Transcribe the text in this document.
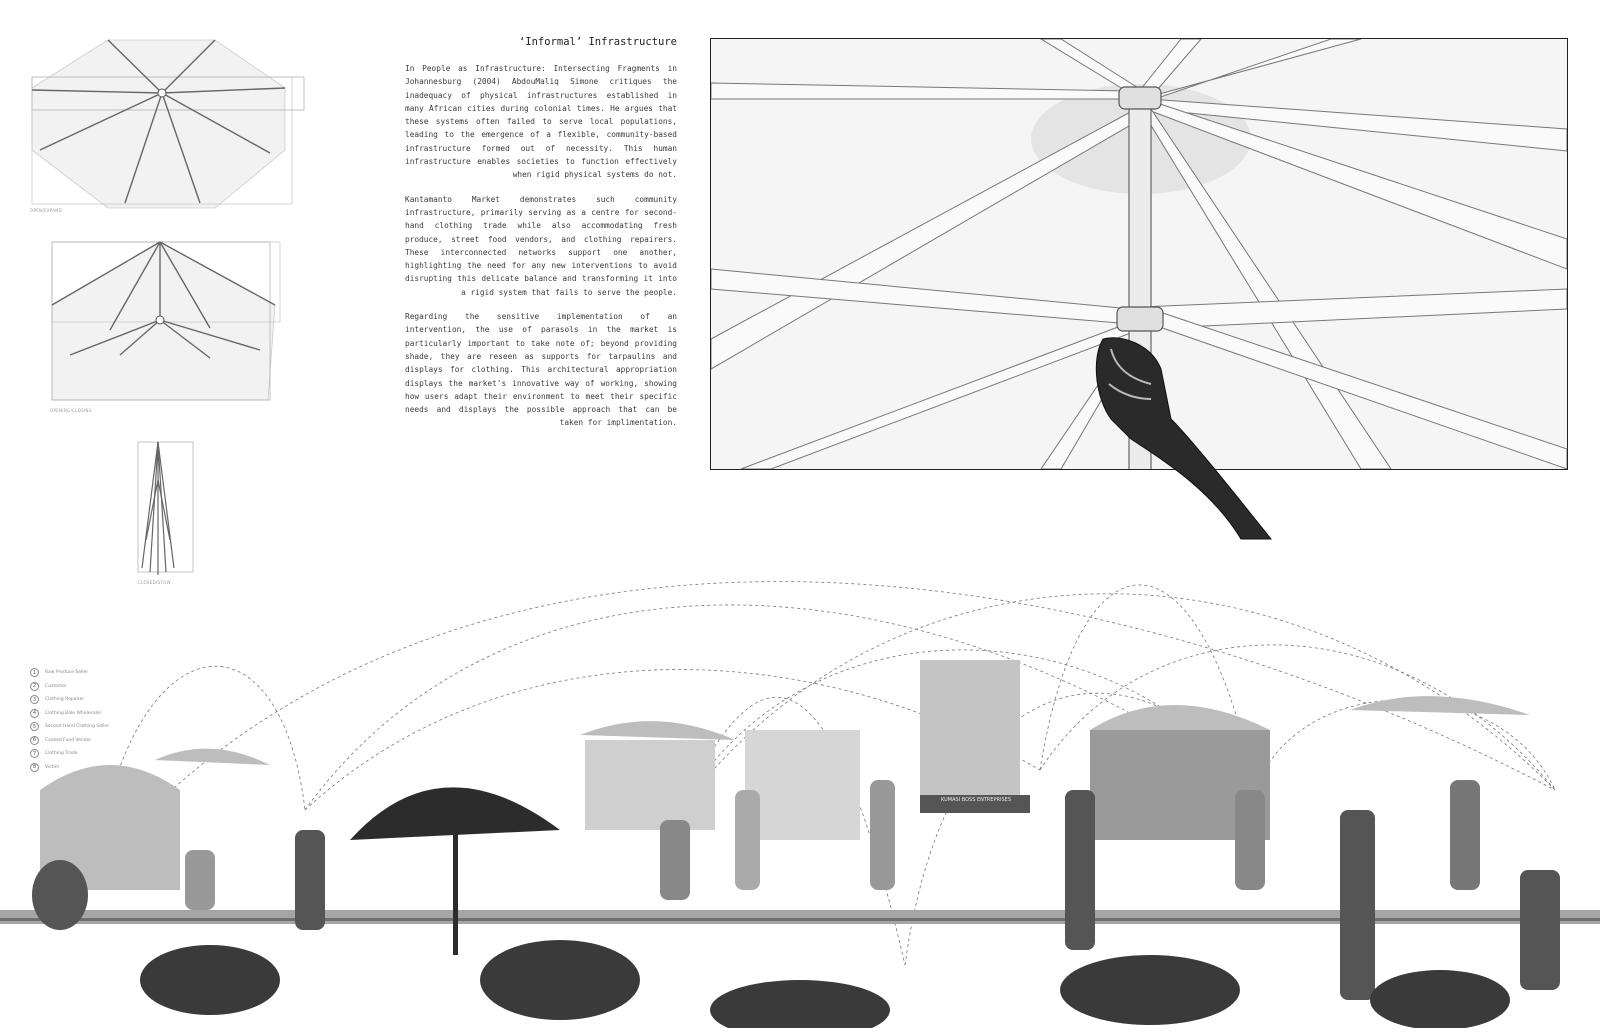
OPEN/EXPAND
OPENING/CLOSING
CLOSED/STOW
‘Informal’ Infrastructure

In People as Infrastructure: Intersecting Fragments in Johannesburg (2004) AbdouMaliq Simone critiques the inadequacy of physical infrastructures established in many African cities during colonial times. He argues that these systems often failed to serve local populations, leading to the emergence of a flexible, community-based infrastructure formed out of necessity. This human infrastructure enables societies to function effectively when rigid physical systems do not.

Kantamanto Market demonstrates such community infrastructure, primarily serving as a centre for second-hand clothing trade while also accommodating fresh produce, street food vendors, and clothing repairers. These interconnected networks support one another, highlighting the need for any new interventions to avoid disrupting this delicate balance and transforming it into a rigid system that fails to serve the people.

Regarding the sensitive implementation of an intervention, the use of parasols in the market is particularly important to take note of; beyond providing shade, they are reseen as supports for tarpaulins and displays for clothing. This architectural appropriation displays the market's innovative way of working, showing how users adapt their environment to meet their specific needs and displays the possible approach that can be taken for implimentation.

1	Raw Produce Seller
2	Customer
3	Clothing Repairer
4	Clothing Bale Wholesaler
5	Second Hand Clothing Seller
6	Cooked Food Vendor
7	Clothing Trade
8	Victim
KUMASI BOSS ENTREPRISES
